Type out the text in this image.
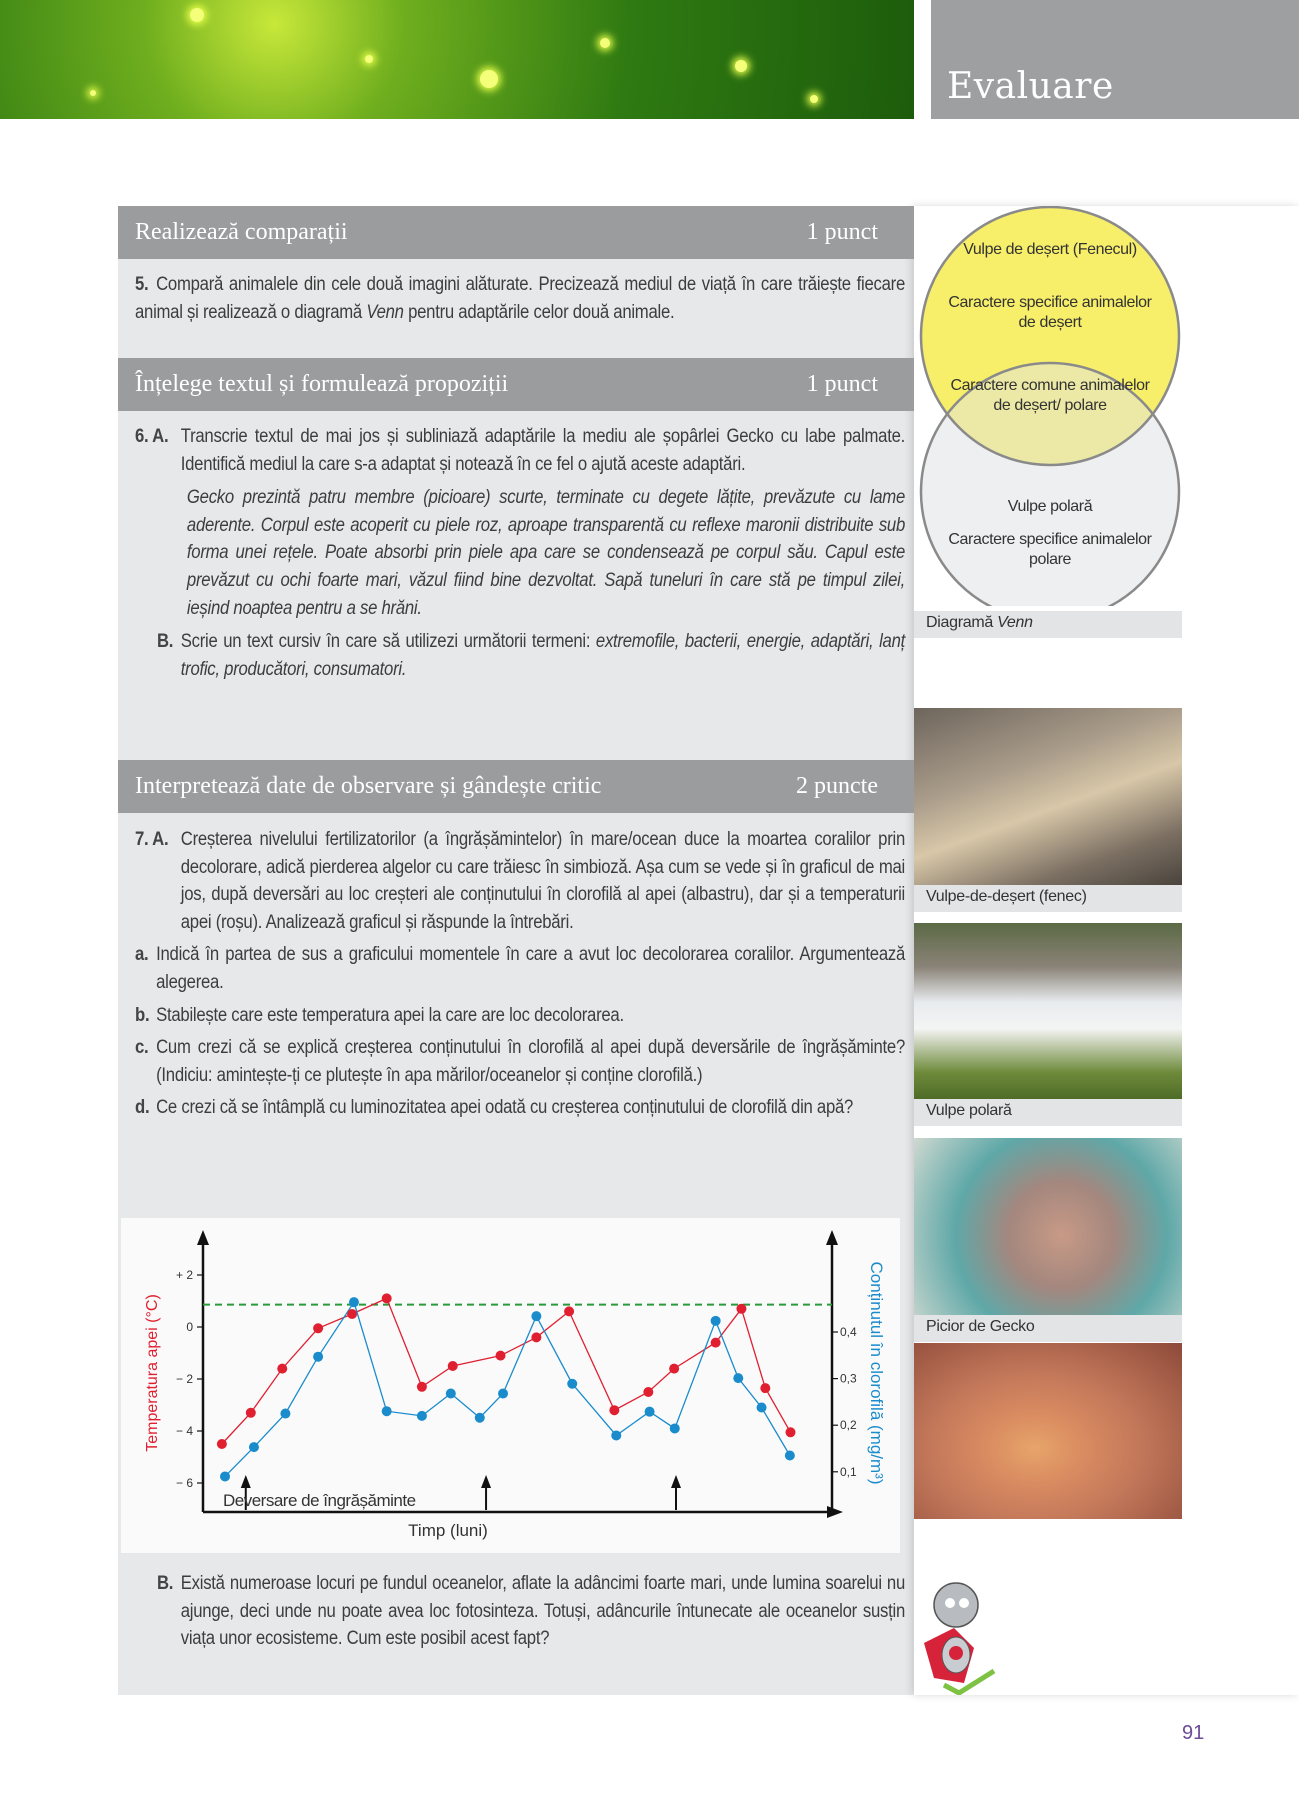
Evaluare
Realizează comparații	1 punct
5. Compară animalele din cele două imagini alăturate. Precizează mediul de viață în care trăiește fiecare animal și realizează o diagramă Venn pentru adaptările celor două animale.
Înțelege textul și formulează propoziții	1 punct
6. A. Transcrie textul de mai jos și subliniază adaptările la mediu ale șopârlei Gecko cu labe palmate. Identifică mediul la care s-a adaptat și notează în ce fel o ajută aceste adaptări.
Gecko prezintă patru membre (picioare) scurte, terminate cu degete lățite, prevăzute cu lame aderente. Corpul este acoperit cu piele roz, aproape transparentă cu reflexe maronii distribuite sub forma unei rețele. Poate absorbi prin piele apa care se condensează pe corpul său. Capul este prevăzut cu ochi foarte mari, văzul fiind bine dezvoltat. Sapă tuneluri în care stă pe timpul zilei, ieșind noaptea pentru a se hrăni.
B. Scrie un text cursiv în care să utilizezi următorii termeni: extremofile, bacterii, energie, adaptări, lanț trofic, producători, consumatori.
Interpretează date de observare și gândește critic	2 puncte
7. A. Creșterea nivelului fertilizatorilor (a îngrășămintelor) în mare/ocean duce la moartea coralilor prin decolorare, adică pierderea algelor cu care trăiesc în simbioză. Așa cum se vede și în graficul de mai jos, după deversări au loc creșteri ale conținutului în clorofilă al apei (albastru), dar și a temperaturii apei (roșu). Analizează graficul și răspunde la întrebări.
a. Indică în partea de sus a graficului momentele în care a avut loc decolorarea coralilor. Argumentează alegerea.
b. Stabilește care este temperatura apei la care are loc decolorarea.
c. Cum crezi că se explică creșterea conținutului în clorofilă al apei după deversările de îngrășăminte? (Indiciu: amintește-ți ce plutește în apa mărilor/oceanelor și conține clorofilă.)
d. Ce crezi că se întâmplă cu luminozitatea apei odată cu creșterea conținutului de clorofilă din apă?
+ 2
0
− 2
− 4
− 6
0,4
0,3
0,2
0,1
Deversare de îngrășăminte
Timp (luni)
Temperatura apei (°C)	Conținutul în clorofilă (mg/m³)
B. Există numeroase locuri pe fundul oceanelor, aflate la adâncimi foarte mari, unde lumina soarelui nu ajunge, deci unde nu poate avea loc fotosinteza. Totuși, adâncurile întunecate ale oceanelor susțin viața unor ecosisteme. Cum este posibil acest fapt?
Vulpe de deșert (Fenecul)
Caractere specifice animalelor de deșert
Caractere comune animalelor de deșert/ polare
Vulpe polară
Caractere specifice animalelor polare
Diagramă Venn
Vulpe-de-deșert (fenec)
Vulpe polară
Picior de Gecko
91
